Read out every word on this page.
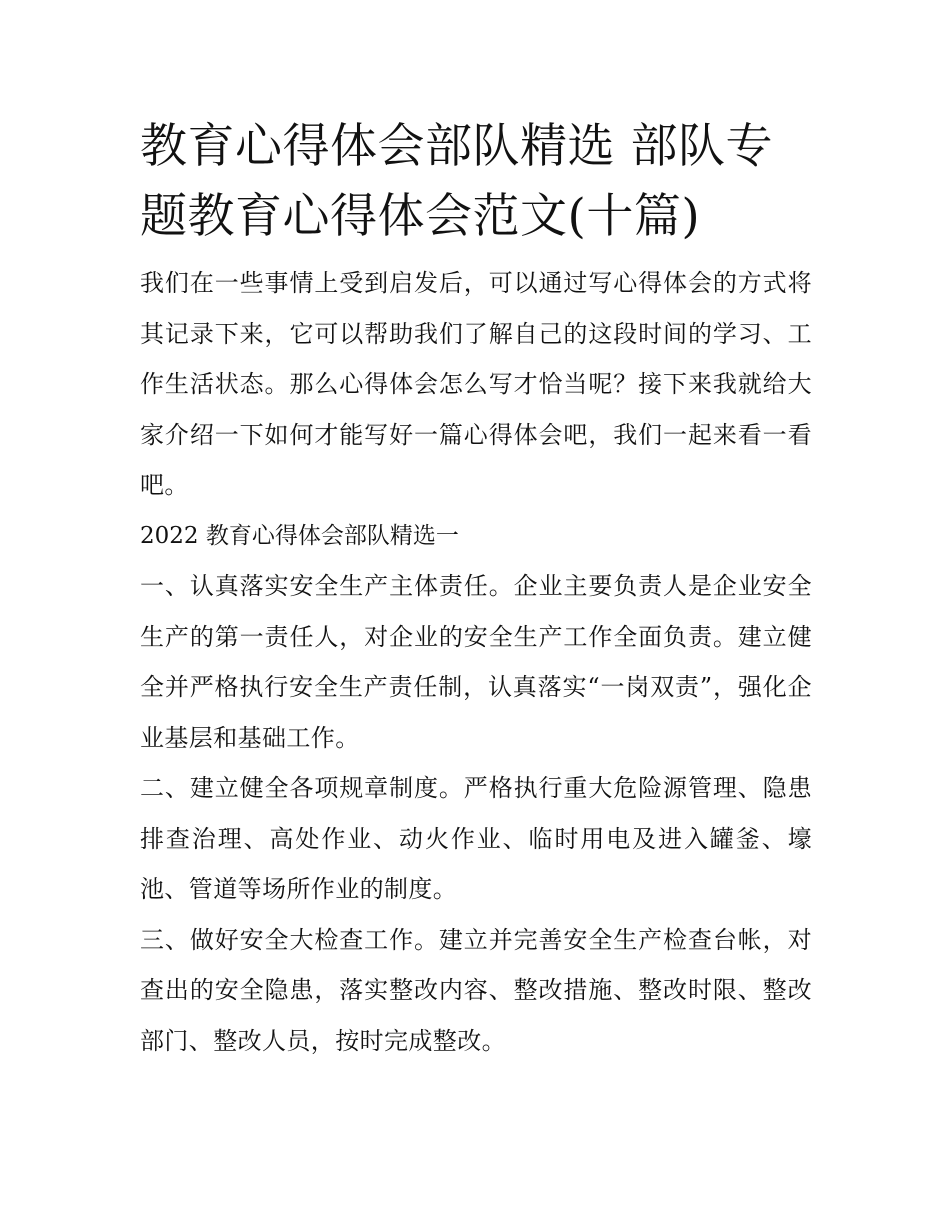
教育心得体会部队精选 部队专题教育心得体会范文(十篇)

我们在一些事情上受到启发后，可以通过写心得体会的方式将其记录下来，它可以帮助我们了解自己的这段时间的学习、工作生活状态。那么心得体会怎么写才恰当呢？接下来我就给大家介绍一下如何才能写好一篇心得体会吧，我们一起来看一看吧。

2022 教育心得体会部队精选一

一、认真落实安全生产主体责任。企业主要负责人是企业安全生产的第一责任人，对企业的安全生产工作全面负责。建立健全并严格执行安全生产责任制，认真落实“一岗双责”，强化企业基层和基础工作。

二、建立健全各项规章制度。严格执行重大危险源管理、隐患排查治理、高处作业、动火作业、临时用电及进入罐釜、壕池、管道等场所作业的制度。

三、做好安全大检查工作。建立并完善安全生产检查台帐，对查出的安全隐患，落实整改内容、整改措施、整改时限、整改部门、整改人员，按时完成整改。
